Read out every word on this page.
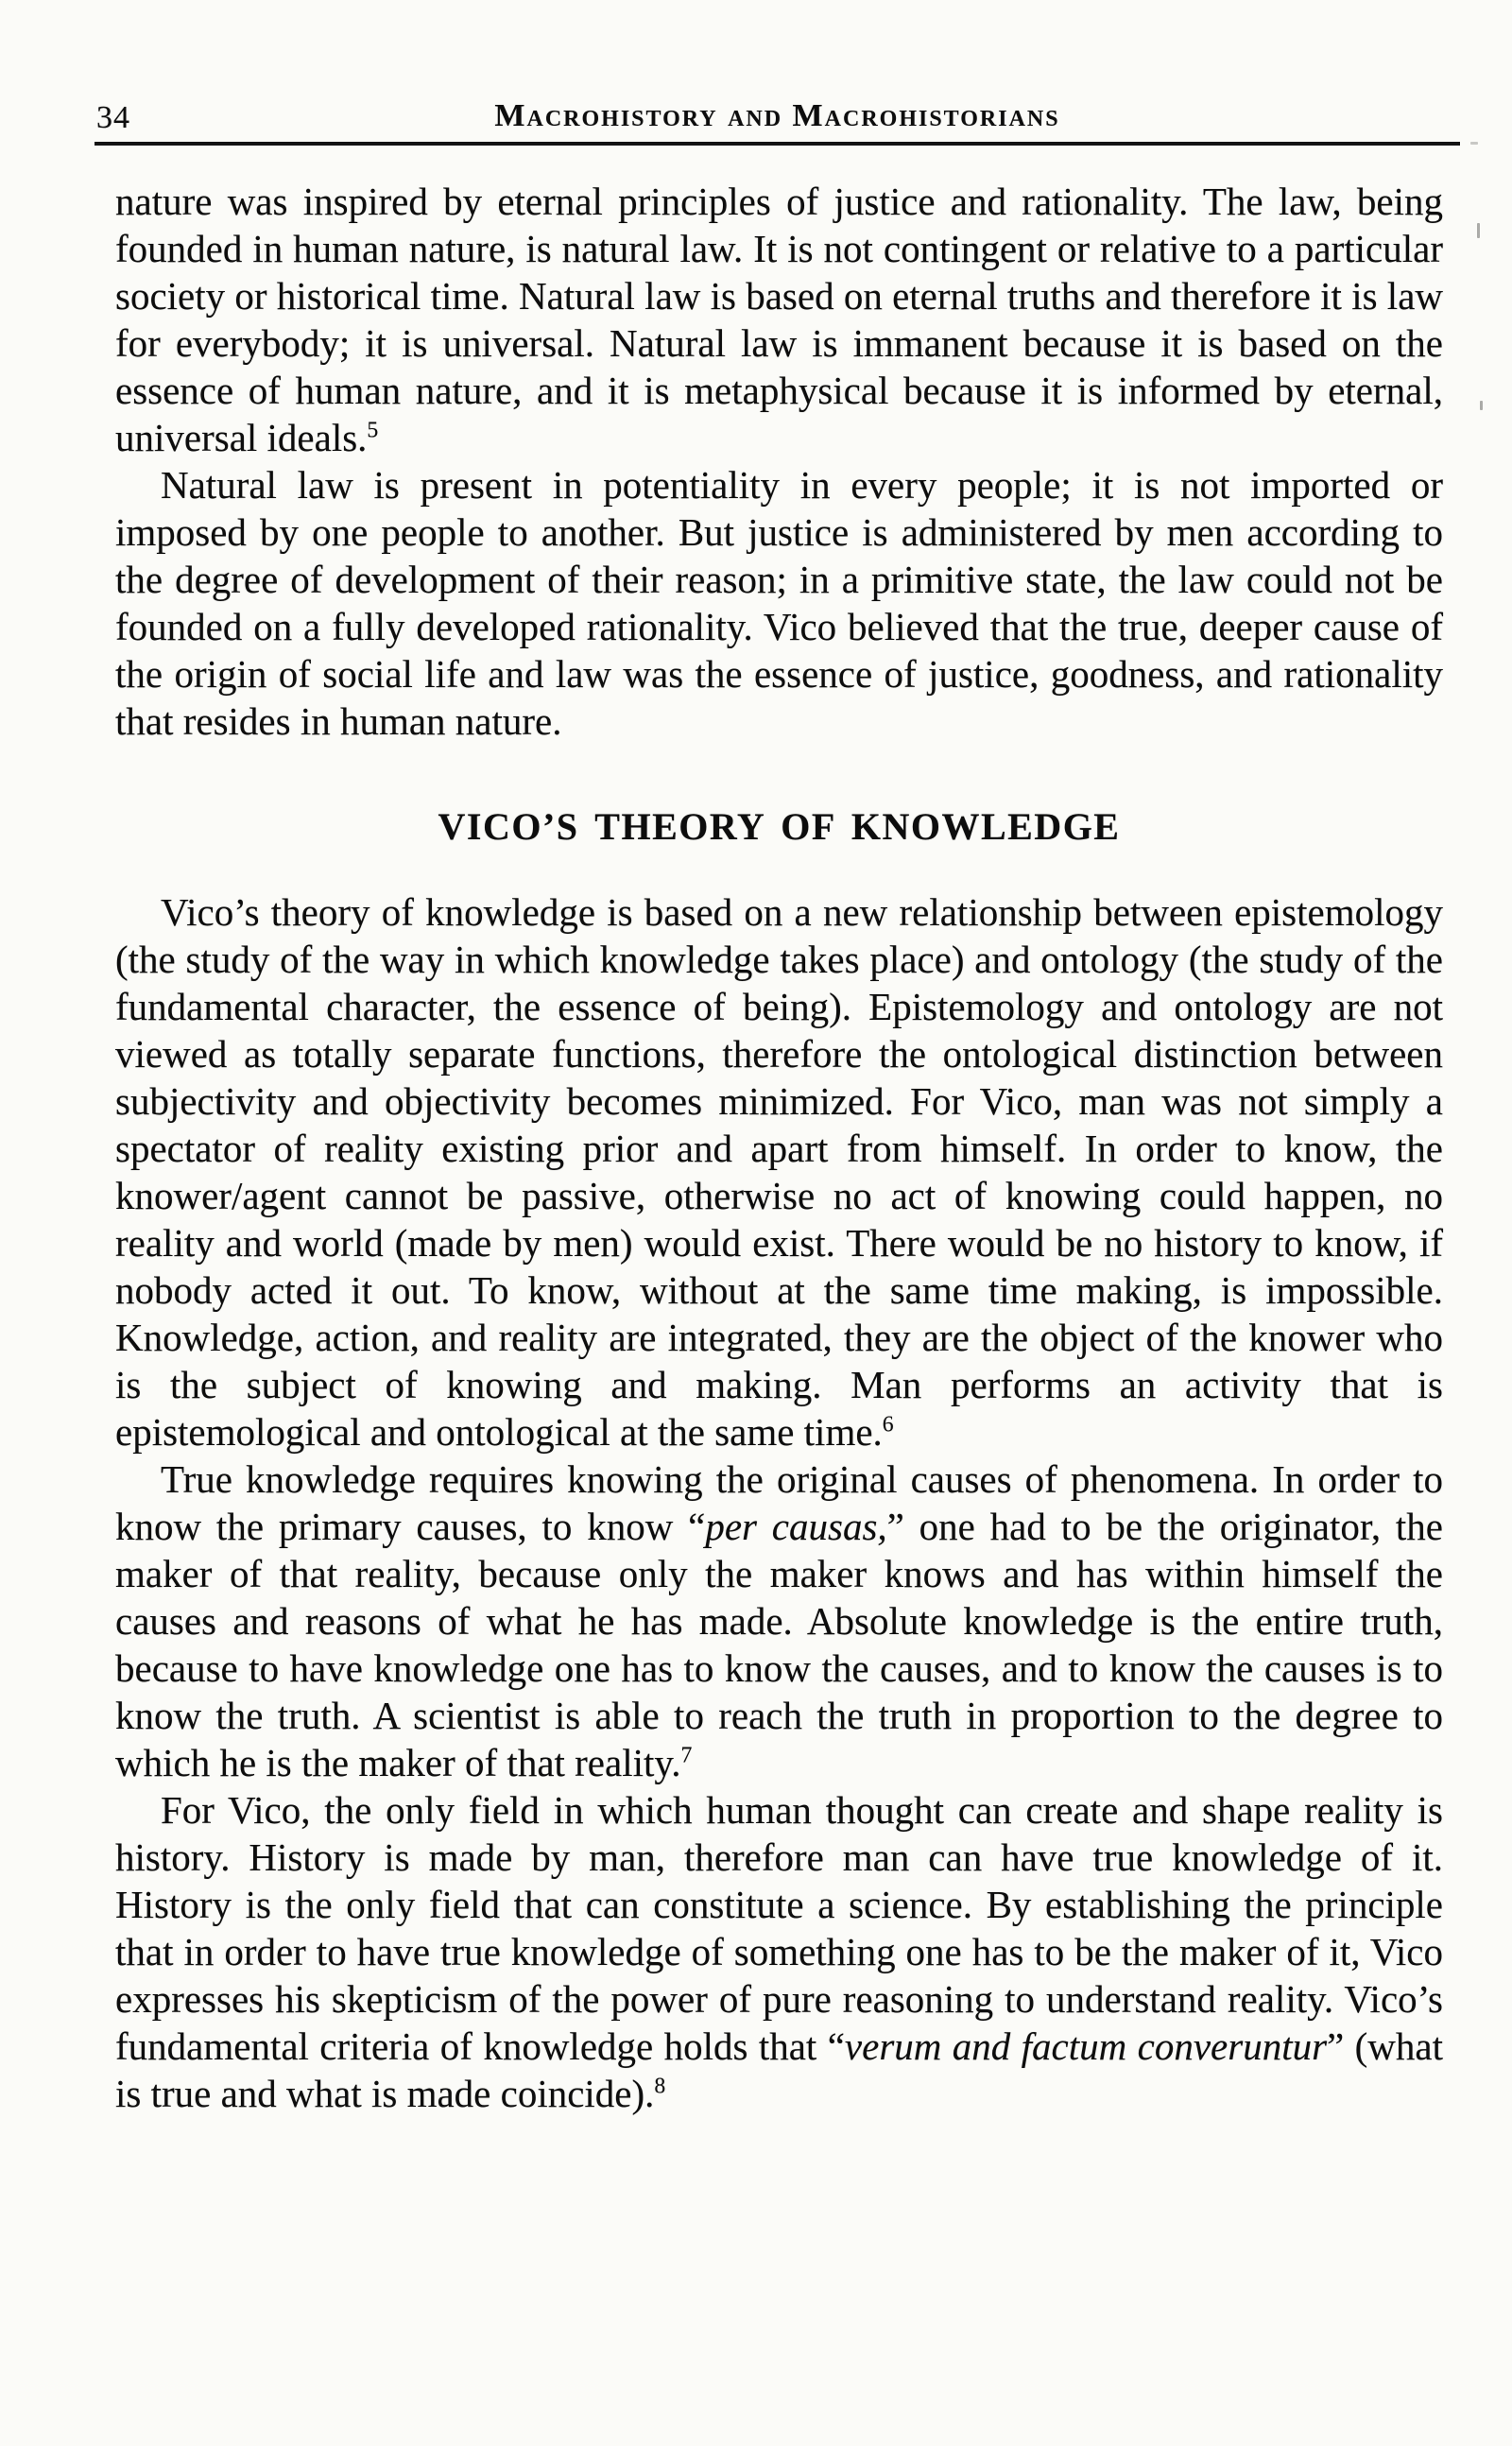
34	Macrohistory and Macrohistorians

nature was inspired by eternal principles of justice and rationality. The law, being founded in human nature, is natural law. It is not contingent or relative to a particular society or historical time. Natural law is based on eternal truths and therefore it is law for everybody; it is universal. Natural law is immanent because it is based on the essence of human nature, and it is metaphysical because it is informed by eternal, universal ideals.$^5$

Natural law is present in potentiality in every people; it is not imported or imposed by one people to another. But justice is administered by men according to the degree of development of their reason; in a primitive state, the law could not be founded on a fully developed rationality. Vico believed that the true, deeper cause of the origin of social life and law was the essence of justice, goodness, and rationality that resides in human nature.

VICO’S THEORY OF KNOWLEDGE

Vico’s theory of knowledge is based on a new relationship between epistemology (the study of the way in which knowledge takes place) and ontology (the study of the fundamental character, the essence of being). Epistemology and ontology are not viewed as totally separate functions, therefore the ontological distinction between subjectivity and objectivity becomes minimized. For Vico, man was not simply a spectator of reality existing prior and apart from himself. In order to know, the knower/agent cannot be passive, otherwise no act of knowing could happen, no reality and world (made by men) would exist. There would be no history to know, if nobody acted it out. To know, without at the same time making, is impossible. Knowledge, action, and reality are integrated, they are the object of the knower who is the subject of knowing and making. Man performs an activity that is epistemological and ontological at the same time.$^6$

True knowledge requires knowing the original causes of phenomena. In order to know the primary causes, to know “per causas,” one had to be the originator, the maker of that reality, because only the maker knows and has within himself the causes and reasons of what he has made. Absolute knowledge is the entire truth, because to have knowledge one has to know the causes, and to know the causes is to know the truth. A scientist is able to reach the truth in proportion to the degree to which he is the maker of that reality.$^7$

For Vico, the only field in which human thought can create and shape reality is history. History is made by man, therefore man can have true knowledge of it. History is the only field that can constitute a science. By establishing the principle that in order to have true knowledge of something one has to be the maker of it, Vico expresses his skepticism of the power of pure reasoning to understand reality. Vico’s fundamental criteria of knowledge holds that “verum and factum converuntur” (what is true and what is made coincide).$^8$
